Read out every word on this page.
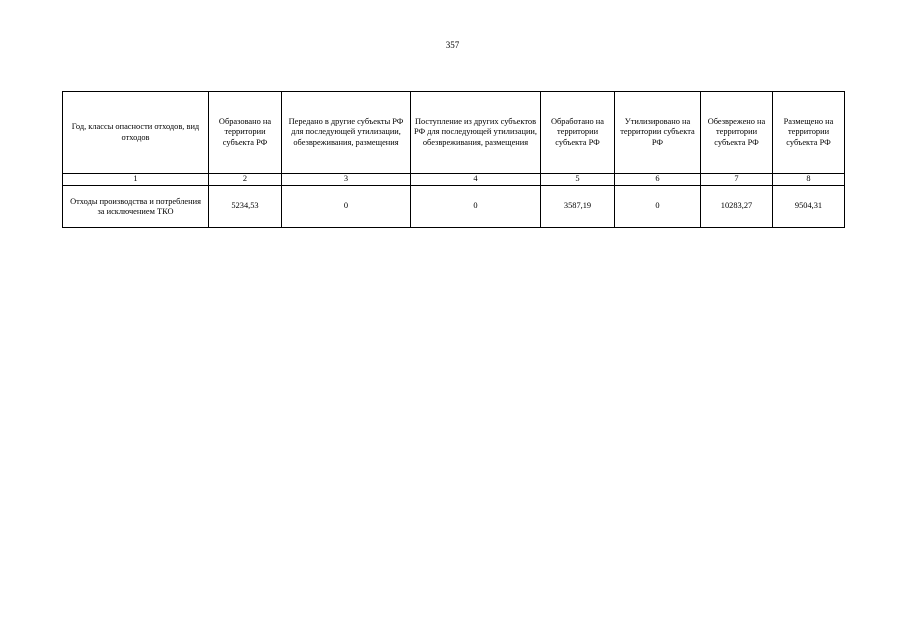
357
Год, классы опасности отходов, вид отходов	Образовано на территории субъекта РФ	Передано в другие субъекты РФ для последующей утилизации, обезвреживания, размещения	Поступление из других субъектов РФ для последующей утилизации, обезвреживания, размещения	Обработано на территории субъекта РФ	Утилизировано на территории субъекта РФ	Обезврежено на территории субъекта РФ	Размещено на территории субъекта РФ
1	2	3	4	5	6	7	8
Отходы производства и потребления за исключением ТКО	5234,53	0	0	3587,19	0	10283,27	9504,31
